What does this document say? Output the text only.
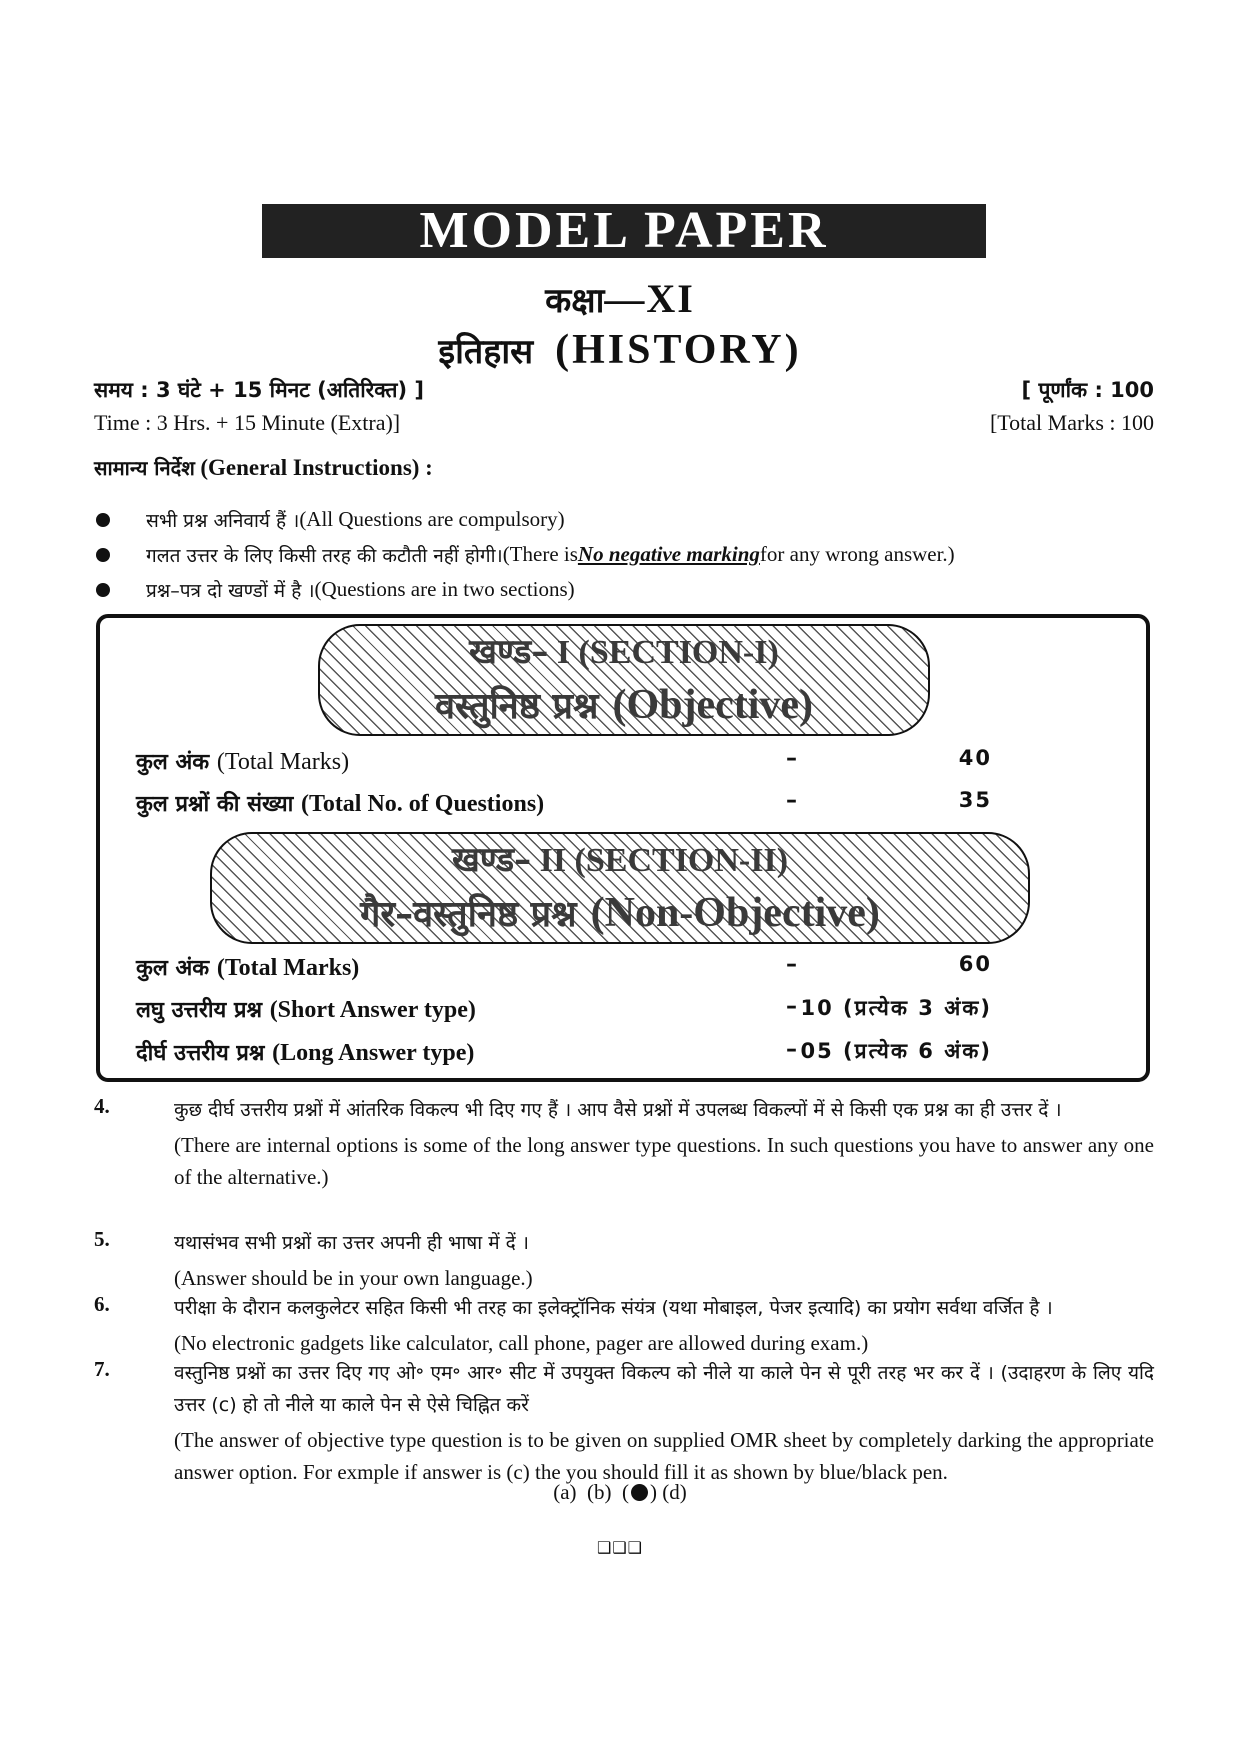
MODEL PAPER
कक्षा—XI
इतिहास (HISTORY)
समय : 3 घंटे + 15 मिनट (अतिरिक्त) ]	[ पूर्णांक : 100
Time : 3 Hrs. + 15 Minute (Extra)]	[Total Marks : 100
सामान्य निर्देश (General Instructions) :
सभी प्रश्न अनिवार्य हैं । (All Questions are compulsory)
गलत उत्तर के लिए किसी तरह की कटौती नहीं होगी। (There is No negative marking for any wrong answer.)
प्रश्न–पत्र दो खण्डों में है । (Questions are in two sections)
खण्ड– I (SECTION-I)
वस्तुनिष्ठ प्रश्न (Objective)
कुल अंक (Total Marks)	–	40
कुल प्रश्नों की संख्या (Total No. of Questions)	–	35
खण्ड– II (SECTION-II)
गैर–वस्तुनिष्ठ प्रश्न (Non-Objective)
कुल अंक (Total Marks)	–	60
लघु उत्तरीय प्रश्न (Short Answer type)	– 10 (प्रत्येक 3 अंक)
दीर्घ उत्तरीय प्रश्न (Long Answer type)	– 05 (प्रत्येक 6 अंक)
4.	कुछ दीर्घ उत्तरीय प्रश्नों में आंतरिक विकल्प भी दिए गए हैं । आप वैसे प्रश्नों में उपलब्ध विकल्पों में से किसी एक प्रश्न का ही उत्तर दें ।
(There are internal options is some of the long answer type questions. In such questions you have to answer any one of the alternative.)
5.	यथासंभव सभी प्रश्नों का उत्तर अपनी ही भाषा में दें ।
(Answer should be in your own language.)
6.	परीक्षा के दौरान कलकुलेटर सहित किसी भी तरह का इलेक्ट्रॉनिक संयंत्र (यथा मोबाइल, पेजर इत्यादि) का प्रयोग सर्वथा वर्जित है ।
(No electronic gadgets like calculator, call phone, pager are allowed during exam.)
7.	वस्तुनिष्ठ प्रश्नों का उत्तर दिए गए ओ॰ एम॰ आर॰ सीट में उपयुक्त विकल्प को नीले या काले पेन से पूरी तरह भर कर दें । (उदाहरण के लिए यदि उत्तर (c) हो तो नीले या काले पेन से ऐसे चिह्नित करें
(The answer of objective type question is to be given on supplied OMR sheet by completely darking the appropriate answer option. For exmple if answer is (c) the you should fill it as shown by blue/black pen.
(a) (b) ( ) (d)
❑❑❑
